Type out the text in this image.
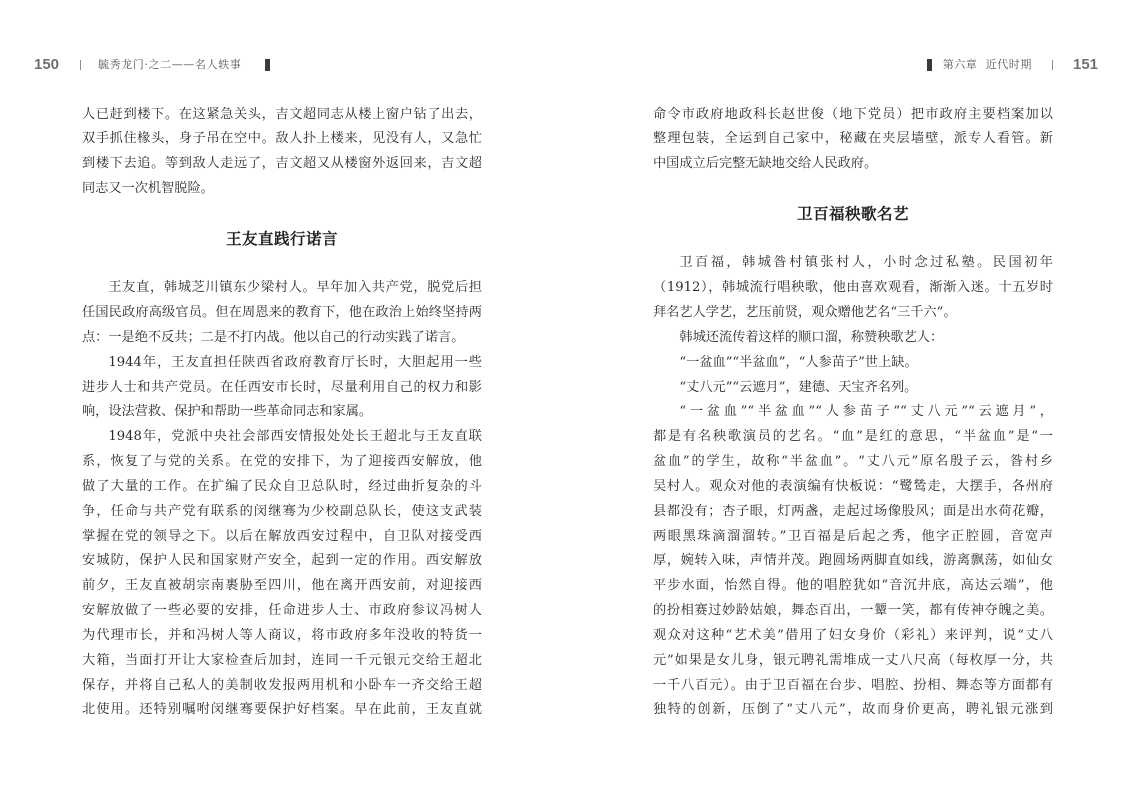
150	毓秀龙门·之二——名人轶事
人已赶到楼下。在这紧急关头，吉文超同志从楼上窗户钻了出去，
双手抓住椽头，身子吊在空中。敌人扑上楼来，见没有人，又急忙
到楼下去追。等到敌人走远了，吉文超又从楼窗外返回来，吉文超
同志又一次机智脱险。
王友直践行诺言
王友直，韩城芝川镇东少梁村人。早年加入共产党，脱党后担
任国民政府高级官员。但在周恩来的教育下，他在政治上始终坚持两
点：一是绝不反共；二是不打内战。他以自己的行动实践了诺言。
1944年，王友直担任陕西省政府教育厅长时，大胆起用一些
进步人士和共产党员。在任西安市长时，尽量利用自己的权力和影
响，设法营救、保护和帮助一些革命同志和家属。
1948年，党派中央社会部西安情报处处长王超北与王友直联
系，恢复了与党的关系。在党的安排下，为了迎接西安解放，他
做了大量的工作。在扩编了民众自卫总队时，经过曲折复杂的斗
争，任命与共产党有联系的闵继骞为少校副总队长，使这支武装
掌握在党的领导之下。以后在解放西安过程中，自卫队对接受西
安城防，保护人民和国家财产安全，起到一定的作用。西安解放
前夕，王友直被胡宗南裹胁至四川，他在离开西安前，对迎接西
安解放做了一些必要的安排，任命进步人士、市政府参议冯树人
为代理市长，并和冯树人等人商议，将市政府多年没收的特货一
大箱，当面打开让大家检查后加封，连同一千元银元交给王超北
保存，并将自己私人的美制收发报两用机和小卧车一齐交给王超
北使用。还特别嘱咐闵继骞要保护好档案。早在此前，王友直就
第六章 近代时期	151
命令市政府地政科长赵世俊（地下党员）把市政府主要档案加以
整理包装，全运到自己家中，秘藏在夹层墙壁，派专人看管。新
中国成立后完整无缺地交给人民政府。
卫百福秧歌名艺
卫百福，韩城昝村镇张村人，小时念过私塾。民国初年
（1912），韩城流行唱秧歌，他由喜欢观看，渐渐入迷。十五岁时
拜名艺人学艺，艺压前贤，观众赠他艺名“三千六”。
韩城还流传着这样的顺口溜，称赞秧歌艺人：
“一盆血”“半盆血”，“人参苗子”世上缺。
“丈八元”“云遮月”，建德、天宝齐名列。
“一盆血”“半盆血”“人参苗子”“丈八元”“云遮月”，
都是有名秧歌演员的艺名。“血”是红的意思，“半盆血”是“一
盆血”的学生，故称“半盆血”。“丈八元”原名殷子云，昝村乡
吴村人。观众对他的表演编有快板说：“鹭鸶走，大摆手，各州府
县都没有；杏子眼，灯两盏，走起过场像股风；面是出水荷花瓣，
两眼黑珠滴溜溜转。”卫百福是后起之秀，他字正腔圆，音宽声
厚，婉转入味，声情并茂。跑圆场两脚直如线，游离飘荡，如仙女
平步水面，怡然自得。他的唱腔犹如“音沉井底，高达云端”，他
的扮相赛过妙龄姑娘，舞态百出，一颦一笑，都有传神夺魄之美。
观众对这种“艺术美”借用了妇女身价（彩礼）来评判，说“丈八
元”如果是女儿身，银元聘礼需堆成一丈八尺高（每枚厚一分，共
一千八百元）。由于卫百福在台步、唱腔、扮相、舞态等方面都有
独特的创新，压倒了“丈八元”，故而身价更高，聘礼银元涨到
